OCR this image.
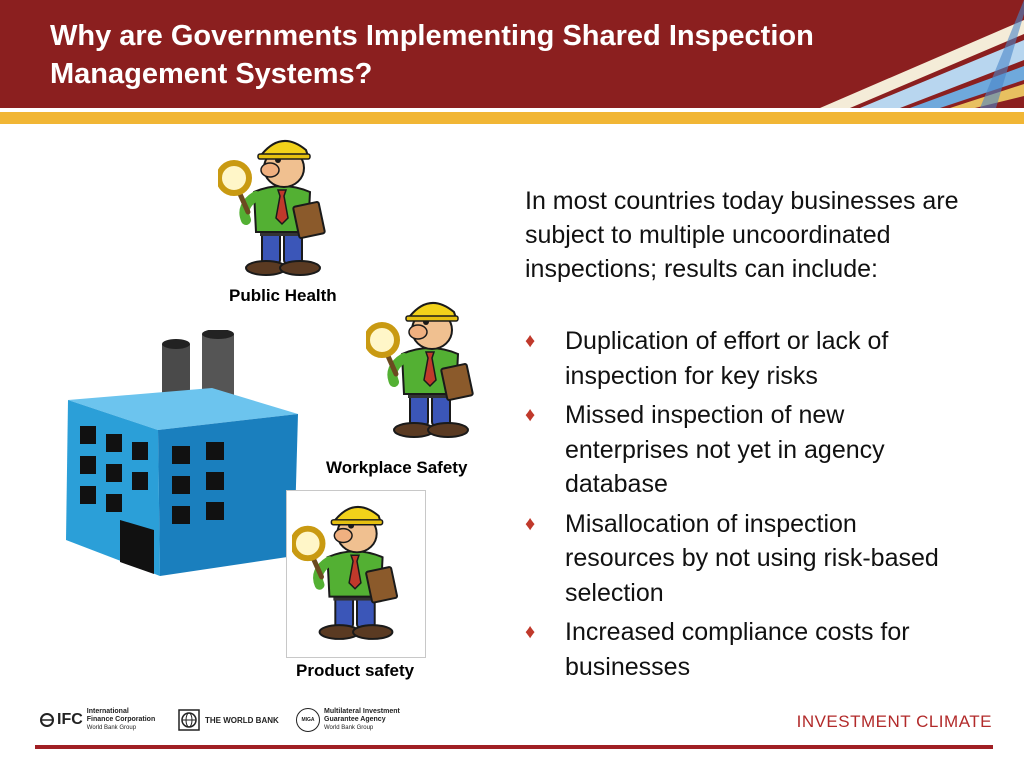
Why are Governments Implementing Shared Inspection Management Systems?
Public Health
Workplace Safety
Product safety

In most countries today businesses are subject to multiple uncoordinated inspections; results can include:

♦ Duplication of effort or lack of inspection for key risks
♦ Missed inspection of new enterprises not yet in agency database
♦ Misallocation of inspection resources by not using risk-based selection
♦ Increased compliance costs for businesses
IFC International
Finance Corporation
World Bank Group
THE WORLD BANK	MIGA
Multilateral Investment
Guarantee Agency
World Bank Group	INVESTMENT CLIMATE
